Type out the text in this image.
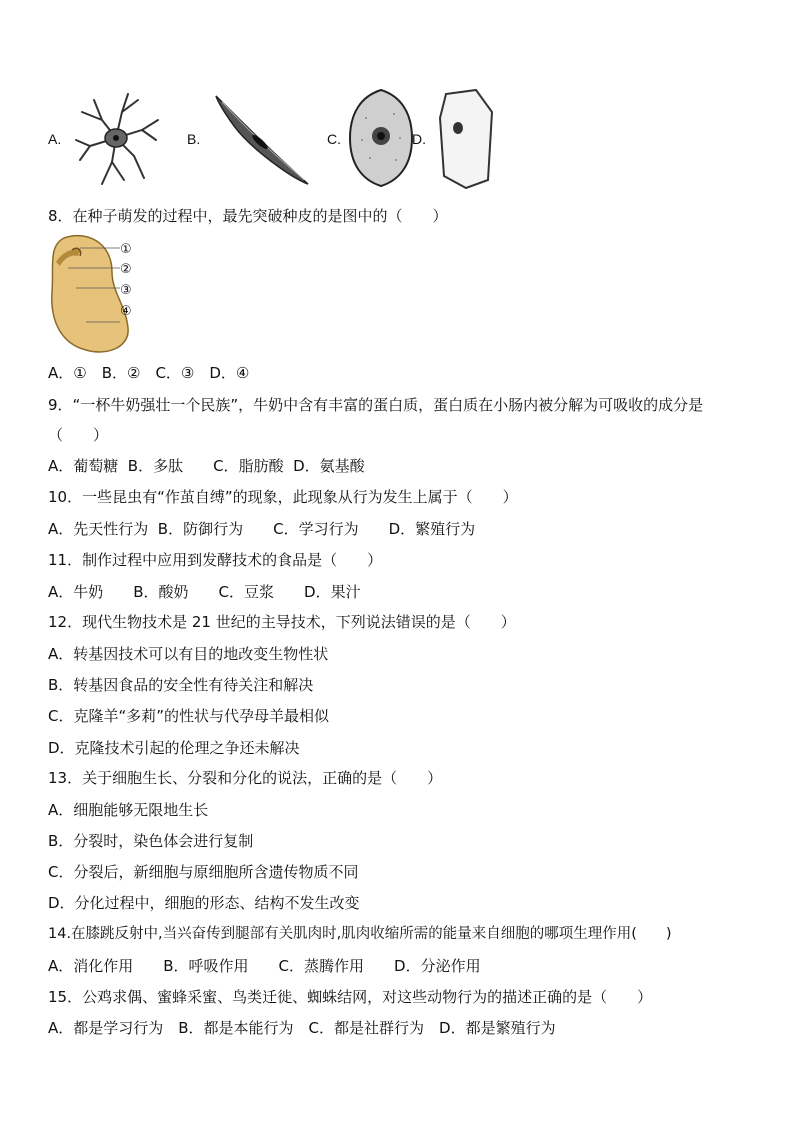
A.	B.	C.	D.
8．在种子萌发的过程中，最先突破种皮的是图中的（　　）
①
②
③
④
A．①　B．②　C．③　D．④
9．“一杯牛奶强壮一个民族”，牛奶中含有丰富的蛋白质，蛋白质在小肠内被分解为可吸收的成分是
（　　）
A．葡萄糖  B．多肽　　C．脂肪酸  D．氨基酸
10．一些昆虫有“作茧自缚”的现象，此现象从行为发生上属于（　　）
A．先天性行为  B．防御行为　　C．学习行为　　D．繁殖行为
11．制作过程中应用到发酵技术的食品是（　　）
A．牛奶　　B．酸奶　　C．豆浆　　D．果汁
12．现代生物技术是 21 世纪的主导技术，下列说法错误的是（　　）
A．转基因技术可以有目的地改变生物性状
B．转基因食品的安全性有待关注和解决
C．克隆羊“多莉”的性状与代孕母羊最相似
D．克隆技术引起的伦理之争还未解决
13．关于细胞生长、分裂和分化的说法，正确的是（　　）
A．细胞能够无限地生长
B．分裂时，染色体会进行复制
C．分裂后，新细胞与原细胞所含遗传物质不同
D．分化过程中，细胞的形态、结构不发生改变
14.在膝跳反射中,当兴奋传到腿部有关肌肉时,肌肉收缩所需的能量来自细胞的哪项生理作用(　　)
A．消化作用　　B．呼吸作用　　C．蒸腾作用　　D．分泌作用
15．公鸡求偶、蜜蜂采蜜、鸟类迁徙、蜘蛛结网，对这些动物行为的描述正确的是（　　）
A．都是学习行为　B．都是本能行为　C．都是社群行为　D．都是繁殖行为
